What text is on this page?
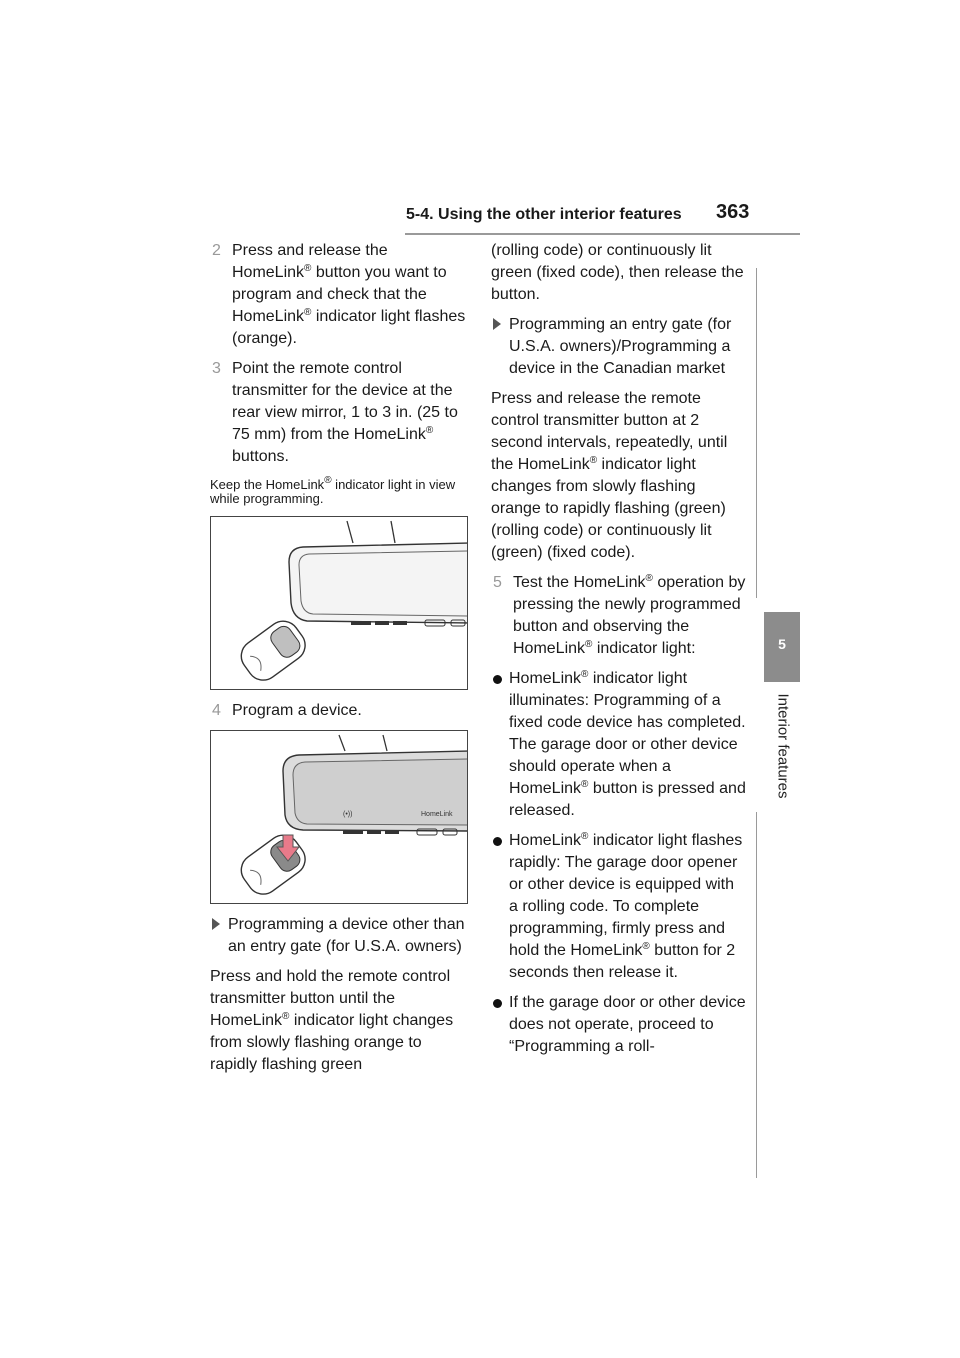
5-4. Using the other interior features 363
5
Interior features
2 Press and release the HomeLink® button you want to program and check that the HomeLink® indicator light flashes (orange).
3 Point the remote control transmitter for the device at the rear view mirror, 1 to 3 in. (25 to 75 mm) from the HomeLink® buttons.
Keep the HomeLink® indicator light in view while programming.
4 Program a device.
(•))	HomeLink
Programming a device other than an entry gate (for U.S.A. owners)
Press and hold the remote control transmitter button until the HomeLink® indicator light changes from slowly flashing orange to rapidly flashing green
(rolling code) or continuously lit green (fixed code), then release the button.
Programming an entry gate (for U.S.A. owners)/Programming a device in the Canadian market
Press and release the remote control transmitter button at 2 second intervals, repeatedly, until the HomeLink® indicator light changes from slowly flashing orange to rapidly flashing (green) (rolling code) or continuously lit (green) (fixed code).
5 Test the HomeLink® operation by pressing the newly programmed button and observing the HomeLink® indicator light:
HomeLink® indicator light illuminates: Programming of a fixed code device has completed. The garage door or other device should operate when a HomeLink® button is pressed and released.
HomeLink® indicator light flashes rapidly: The garage door opener or other device is equipped with a rolling code. To complete programming, firmly press and hold the HomeLink® button for 2 seconds then release it.
If the garage door or other device does not operate, proceed to “Programming a roll-
